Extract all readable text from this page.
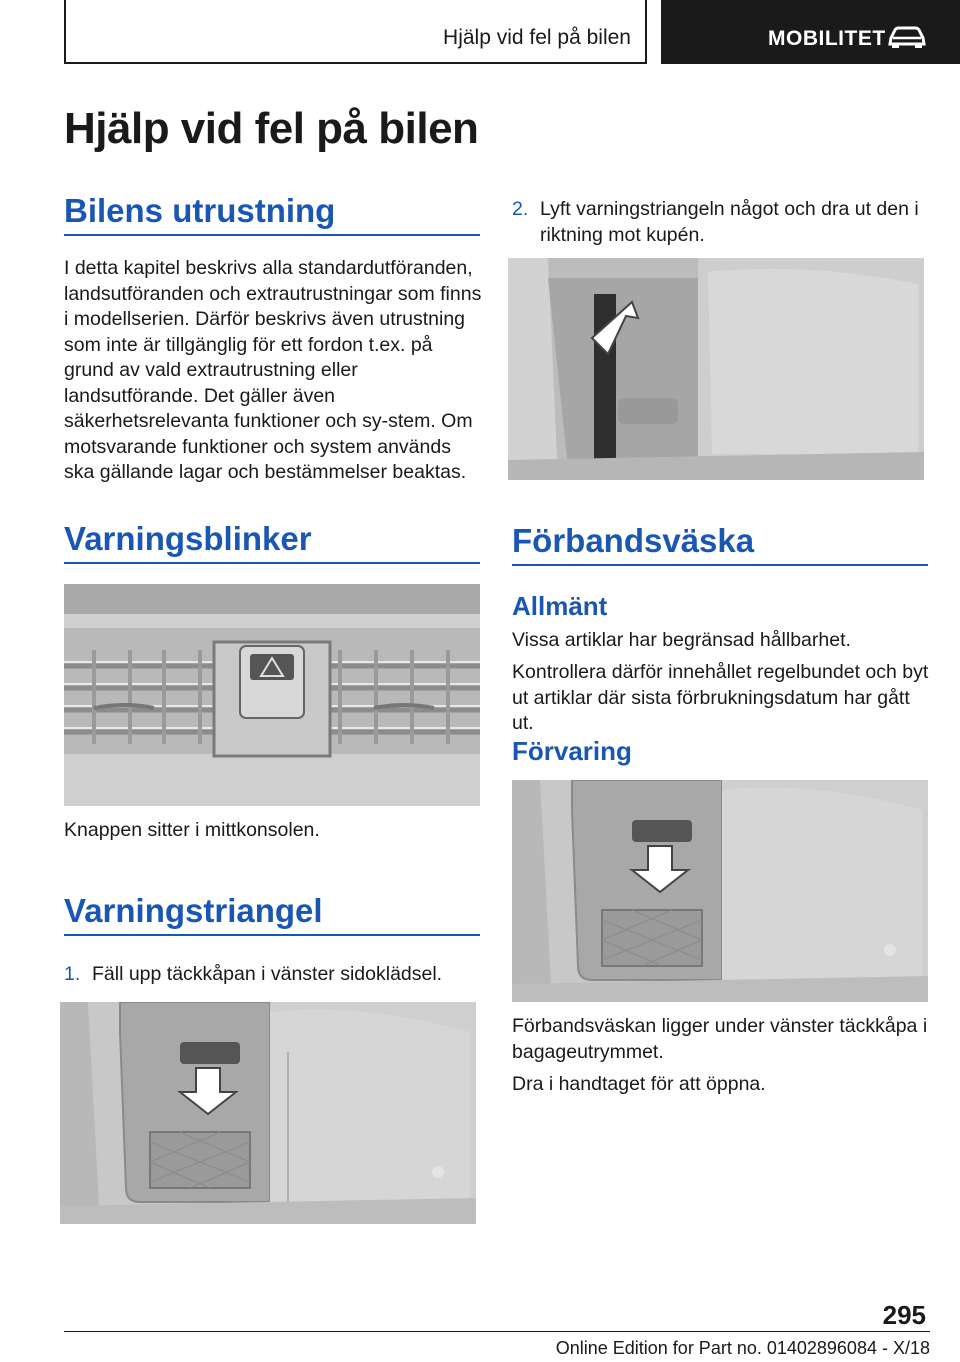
Hjälp vid fel på bilen	MOBILITET
Hjälp vid fel på bilen
Bilens utrustning
I detta kapitel beskrivs alla standardutföranden, landsutföranden och extrautrustningar som finns i modellserien. Därför beskrivs även utrustning som inte är tillgänglig för ett fordon t.ex. på grund av vald extrautrustning eller landsutförande. Det gäller även säkerhetsrelevanta funktioner och sy-stem. Om motsvarande funktioner och system används ska gällande lagar och bestämmelser beaktas.
Varningsblinker
Knappen sitter i mittkonsolen.
Varningstriangel
1. Fäll upp täckkåpan i vänster sidoklädsel.
2. Lyft varningstriangeln något och dra ut den i riktning mot kupén.
Förbandsväska
Allmänt
Vissa artiklar har begränsad hållbarhet.
Kontrollera därför innehållet regelbundet och byt ut artiklar där sista förbrukningsdatum har gått ut.
Förvaring
Förbandsväskan ligger under vänster täckkåpa i bagageutrymmet.
Dra i handtaget för att öppna.
295
Online Edition for Part no. 01402896084 - X/18
